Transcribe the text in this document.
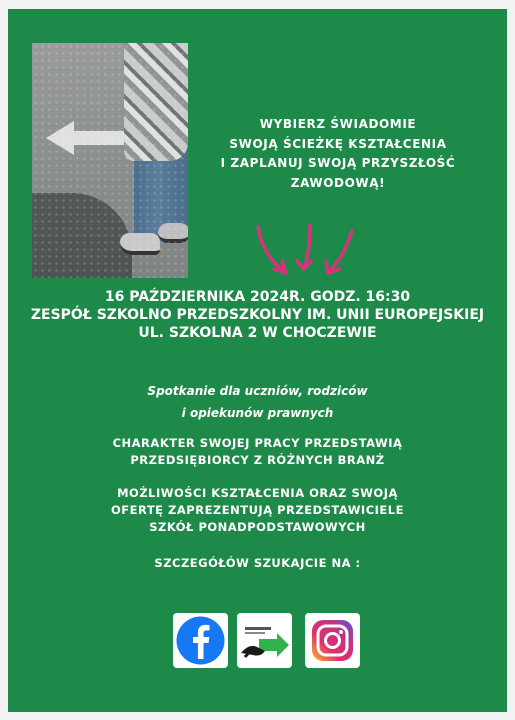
WYBIERZ ŚWIADOMIE
SWOJĄ ŚCIEŻKĘ KSZTAŁCENIA
I ZAPLANUJ SWOJĄ PRZYSZŁOŚĆ
ZAWODOWĄ!
16 PAŹDZIERNIKA 2024R. GODZ. 16:30
ZESPÓŁ SZKOLNO PRZEDSZKOLNY IM. UNII EUROPEJSKIEJ
UL. SZKOLNA 2 W CHOCZEWIE
Spotkanie dla uczniów, rodziców
i opiekunów prawnych
CHARAKTER SWOJEJ PRACY PRZEDSTAWIĄ
PRZEDSIĘBIORCY Z RÓŻNYCH BRANŻ
MOŻLIWOŚCI KSZTAŁCENIA ORAZ SWOJĄ
OFERTĘ ZAPREZENTUJĄ PRZEDSTAWICIELE
SZKÓŁ PONADPODSTAWOWYCH
SZCZEGÓŁÓW SZUKAJCIE NA :
